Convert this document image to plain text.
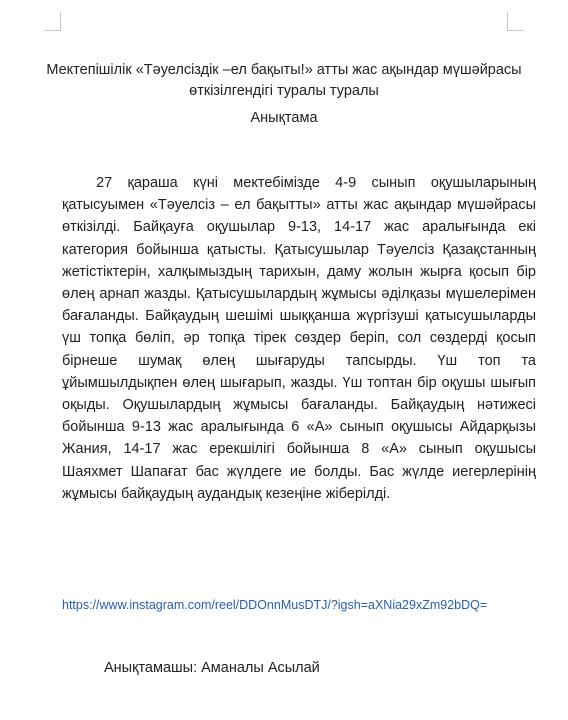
Мектепішілік «Тәуелсіздік –ел бақыты!» атты жас ақындар мүшәйрасы өткізілгендігі туралы туралы
Анықтама

27 қараша күні мектебімізде 4-9 сынып оқушыларының қатысуымен «Тәуелсіз – ел бақытты» атты жас ақындар мүшәйрасы өткізілді. Байқауға оқушылар 9-13, 14-17 жас аралығында екі категория бойынша қатысты. Қатысушылар Тәуелсіз Қазақстанның жетістіктерін, халқымыздың тарихын, даму жолын жырға қосып бір өлең арнап жазды. Қатысушылардың жұмысы әділқазы мүшелерімен бағаланды. Байқаудың шешімі шыққанша жүргізуші қатысушыларды үш топқа бөліп, әр топқа тірек сөздер беріп, сол сөздерді қосып бірнеше шумақ өлең шығаруды тапсырды. Үш топ та ұйымшылдықпен өлең шығарып, жазды. Үш топтан бір оқушы шығып оқыды. Оқушылардың жұмысы бағаланды. Байқаудың нәтижесі бойынша 9-13 жас аралығында 6 «А» сынып оқушысы Айдарқызы Жания, 14-17 жас ерекшілігі бойынша 8 «А» сынып оқушысы Шаяхмет Шапағат бас жүлдеге ие болды. Бас жүлде иегерлерінің жұмысы байқаудың аудандық кезеңіне жіберілді.

https://www.instagram.com/reel/DDOnnMusDTJ/?igsh=aXNia29xZm92bDQ=

Анықтамашы: Аманалы Асылай
